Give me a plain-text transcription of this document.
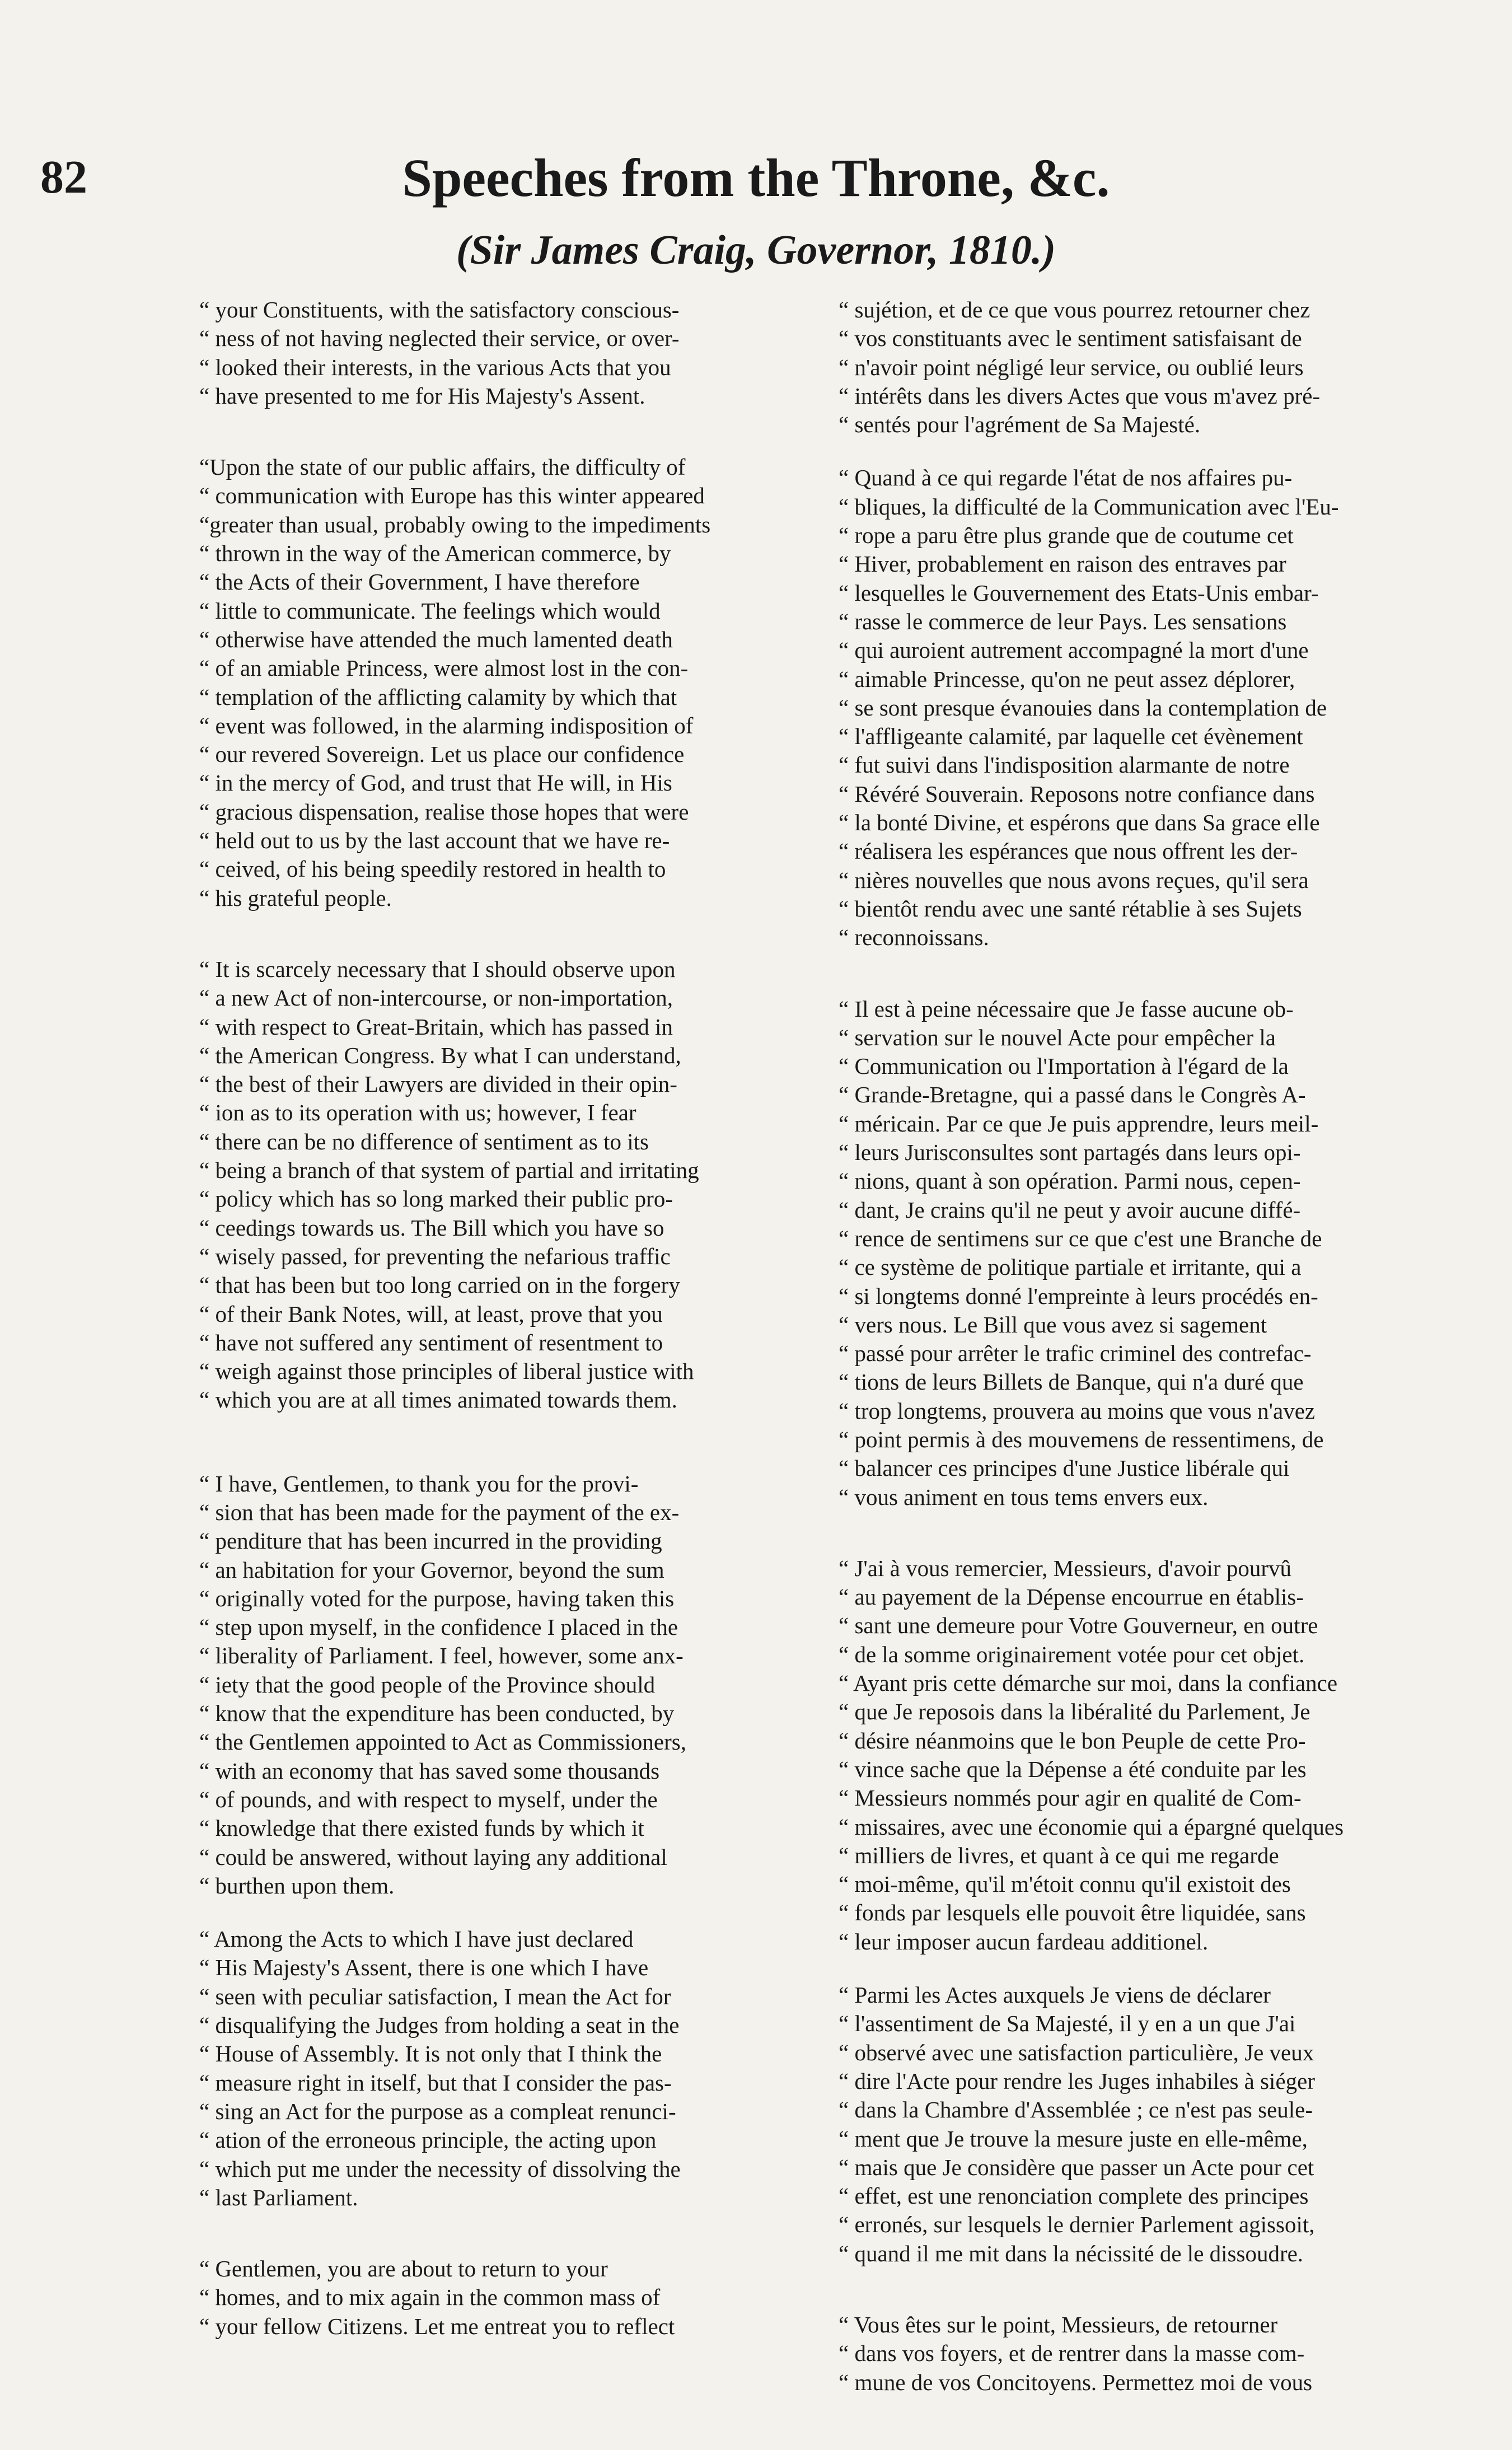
82	Speeches from the Throne, &c.
(Sir James Craig, Governor, 1810.)
“ your Constituents, with the satisfactory conscious-
“ ness of not having neglected their service, or over-
“ looked their interests, in the various Acts that you
“ have presented to me for His Majesty's Assent.
“Upon the state of our public affairs, the difficulty of
“ communication with Europe has this winter appeared
“greater than usual, probably owing to the impediments
“ thrown in the way of the American commerce, by
“ the Acts of their Government, I have therefore
“ little to communicate. The feelings which would
“ otherwise have attended the much lamented death
“ of an amiable Princess, were almost lost in the con-
“ templation of the afflicting calamity by which that
“ event was followed, in the alarming indisposition of
“ our revered Sovereign. Let us place our confidence
“ in the mercy of God, and trust that He will, in His
“ gracious dispensation, realise those hopes that were
“ held out to us by the last account that we have re-
“ ceived, of his being speedily restored in health to
“ his grateful people.
“ It is scarcely necessary that I should observe upon
“ a new Act of non-intercourse, or non-importation,
“ with respect to Great-Britain, which has passed in
“ the American Congress. By what I can understand,
“ the best of their Lawyers are divided in their opin-
“ ion as to its operation with us; however, I fear
“ there can be no difference of sentiment as to its
“ being a branch of that system of partial and irritating
“ policy which has so long marked their public pro-
“ ceedings towards us. The Bill which you have so
“ wisely passed, for preventing the nefarious traffic
“ that has been but too long carried on in the forgery
“ of their Bank Notes, will, at least, prove that you
“ have not suffered any sentiment of resentment to
“ weigh against those principles of liberal justice with
“ which you are at all times animated towards them.
“ I have, Gentlemen, to thank you for the provi-
“ sion that has been made for the payment of the ex-
“ penditure that has been incurred in the providing
“ an habitation for your Governor, beyond the sum
“ originally voted for the purpose, having taken this
“ step upon myself, in the confidence I placed in the
“ liberality of Parliament. I feel, however, some anx-
“ iety that the good people of the Province should
“ know that the expenditure has been conducted, by
“ the Gentlemen appointed to Act as Commissioners,
“ with an economy that has saved some thousands
“ of pounds, and with respect to myself, under the
“ knowledge that there existed funds by which it
“ could be answered, without laying any additional
“ burthen upon them.
“ Among the Acts to which I have just declared
“ His Majesty's Assent, there is one which I have
“ seen with peculiar satisfaction, I mean the Act for
“ disqualifying the Judges from holding a seat in the
“ House of Assembly. It is not only that I think the
“ measure right in itself, but that I consider the pas-
“ sing an Act for the purpose as a compleat renunci-
“ ation of the erroneous principle, the acting upon
“ which put me under the necessity of dissolving the
“ last Parliament.
“ Gentlemen, you are about to return to your
“ homes, and to mix again in the common mass of
“ your fellow Citizens. Let me entreat you to reflect
“ sujétion, et de ce que vous pourrez retourner chez
“ vos constituants avec le sentiment satisfaisant de
“ n'avoir point négligé leur service, ou oublié leurs
“ intérêts dans les divers Actes que vous m'avez pré-
“ sentés pour l'agrément de Sa Majesté.
“ Quand à ce qui regarde l'état de nos affaires pu-
“ bliques, la difficulté de la Communication avec l'Eu-
“ rope a paru être plus grande que de coutume cet
“ Hiver, probablement en raison des entraves par
“ lesquelles le Gouvernement des Etats-Unis embar-
“ rasse le commerce de leur Pays. Les sensations
“ qui auroient autrement accompagné la mort d'une
“ aimable Princesse, qu'on ne peut assez déplorer,
“ se sont presque évanouies dans la contemplation de
“ l'affligeante calamité, par laquelle cet évènement
“ fut suivi dans l'indisposition alarmante de notre
“ Révéré Souverain. Reposons notre confiance dans
“ la bonté Divine, et espérons que dans Sa grace elle
“ réalisera les espérances que nous offrent les der-
“ nières nouvelles que nous avons reçues, qu'il sera
“ bientôt rendu avec une santé rétablie à ses Sujets
“ reconnoissans.
“ Il est à peine nécessaire que Je fasse aucune ob-
“ servation sur le nouvel Acte pour empêcher la
“ Communication ou l'Importation à l'égard de la
“ Grande-Bretagne, qui a passé dans le Congrès A-
“ méricain. Par ce que Je puis apprendre, leurs meil-
“ leurs Jurisconsultes sont partagés dans leurs opi-
“ nions, quant à son opération. Parmi nous, cepen-
“ dant, Je crains qu'il ne peut y avoir aucune diffé-
“ rence de sentimens sur ce que c'est une Branche de
“ ce système de politique partiale et irritante, qui a
“ si longtems donné l'empreinte à leurs procédés en-
“ vers nous. Le Bill que vous avez si sagement
“ passé pour arrêter le trafic criminel des contrefac-
“ tions de leurs Billets de Banque, qui n'a duré que
“ trop longtems, prouvera au moins que vous n'avez
“ point permis à des mouvemens de ressentimens, de
“ balancer ces principes d'une Justice libérale qui
“ vous animent en tous tems envers eux.
“ J'ai à vous remercier, Messieurs, d'avoir pourvû
“ au payement de la Dépense encourrue en établis-
“ sant une demeure pour Votre Gouverneur, en outre
“ de la somme originairement votée pour cet objet.
“ Ayant pris cette démarche sur moi, dans la confiance
“ que Je reposois dans la libéralité du Parlement, Je
“ désire néanmoins que le bon Peuple de cette Pro-
“ vince sache que la Dépense a été conduite par les
“ Messieurs nommés pour agir en qualité de Com-
“ missaires, avec une économie qui a épargné quelques
“ milliers de livres, et quant à ce qui me regarde
“ moi-même, qu'il m'étoit connu qu'il existoit des
“ fonds par lesquels elle pouvoit être liquidée, sans
“ leur imposer aucun fardeau additionel.
“ Parmi les Actes auxquels Je viens de déclarer
“ l'assentiment de Sa Majesté, il y en a un que J'ai
“ observé avec une satisfaction particulière, Je veux
“ dire l'Acte pour rendre les Juges inhabiles à siéger
“ dans la Chambre d'Assemblée ; ce n'est pas seule-
“ ment que Je trouve la mesure juste en elle-même,
“ mais que Je considère que passer un Acte pour cet
“ effet, est une renonciation complete des principes
“ erronés, sur lesquels le dernier Parlement agissoit,
“ quand il me mit dans la nécissité de le dissoudre.
“ Vous êtes sur le point, Messieurs, de retourner
“ dans vos foyers, et de rentrer dans la masse com-
“ mune de vos Concitoyens. Permettez moi de vous
